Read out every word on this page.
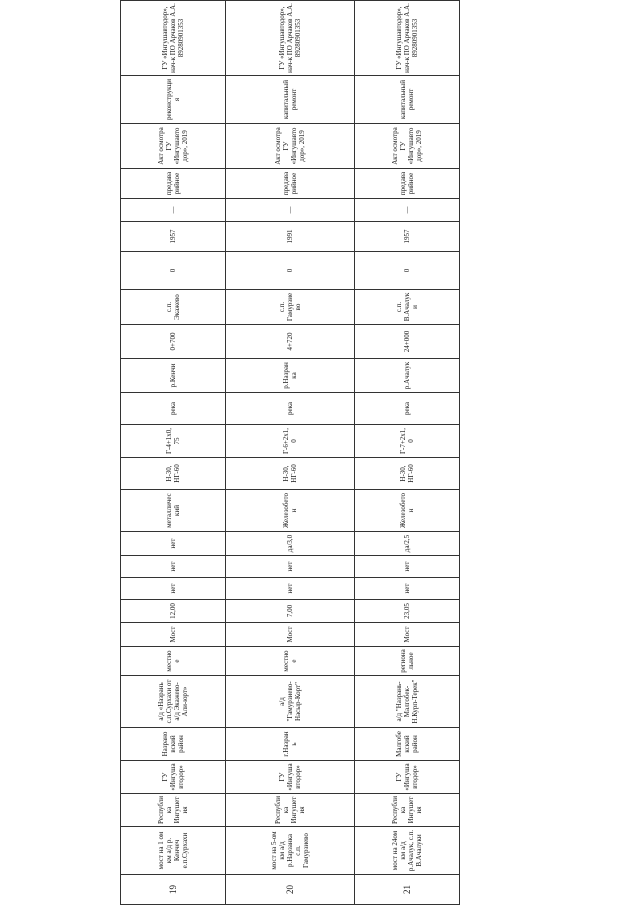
19	мост на 1 ом км а/д р. Кенчеч е.п.Сурхахи	Республика Ингушетия	ГУ «Ингушавтодор»	Назрановский район	а/д «Назрань с.п.Сурхахи от а/д Экажево-Али-юрт»	местное	Мост	12,00	нет	нет	нет	металлический	Н-30, НГ-60	Г-4+1х0,75	река	р.Кенчи	0+700	с.п. Экажево	0	1957	—	предаварийное	Акт осмотра ГУ «Ингушавтодор», 2019	реконструкция	ГУ «Ингушавтодор», нач-к ПО Арчаков А.А. 89280901353	
20	мост на 5-ом км а/д р.Нарзанка с.п. Гамурзиево	Республика Ингушетия	ГУ «Ингушавтодор»	г.Назрань	а/д "Гамурзиево-Насыр-Корт"	местное	Мост	7,00	нет	нет	да/3,0	Железобетон	Н-30, НГ-60	Г-6+2х1,0	река	р.Назранка	4+720	с.п. Гамурзиево	0	1991	—	предаварийное	Акт осмотра ГУ «Ингушавтодор», 2019	капитальный ремонт	ГУ «Ингушавтодор», нач-к ПО Арчаков А.А. 89280901353	
21	мост на 24ом км а/д р.Ачалук, с.п. В.Ачалуки	Республика Ингушетия	ГУ «Ингушавтодор»	Малгобекский район	а/д "Назрань-Малгобек-Н.Курп-Терек"	региональное	Мост	23,05	нет	нет	да/2,5	Железобетон	Н-30, НГ-60	Г-7+2х1,0	река	р.Ачалук	24+000	с.п. В.Ачалуки	0	1957	—	предаварийное	Акт осмотра ГУ «Ингушавтодор», 2019	капитальный ремонт	ГУ «Ингушавтодор», нач-к ПО Арчаков А.А. 89280901353	
